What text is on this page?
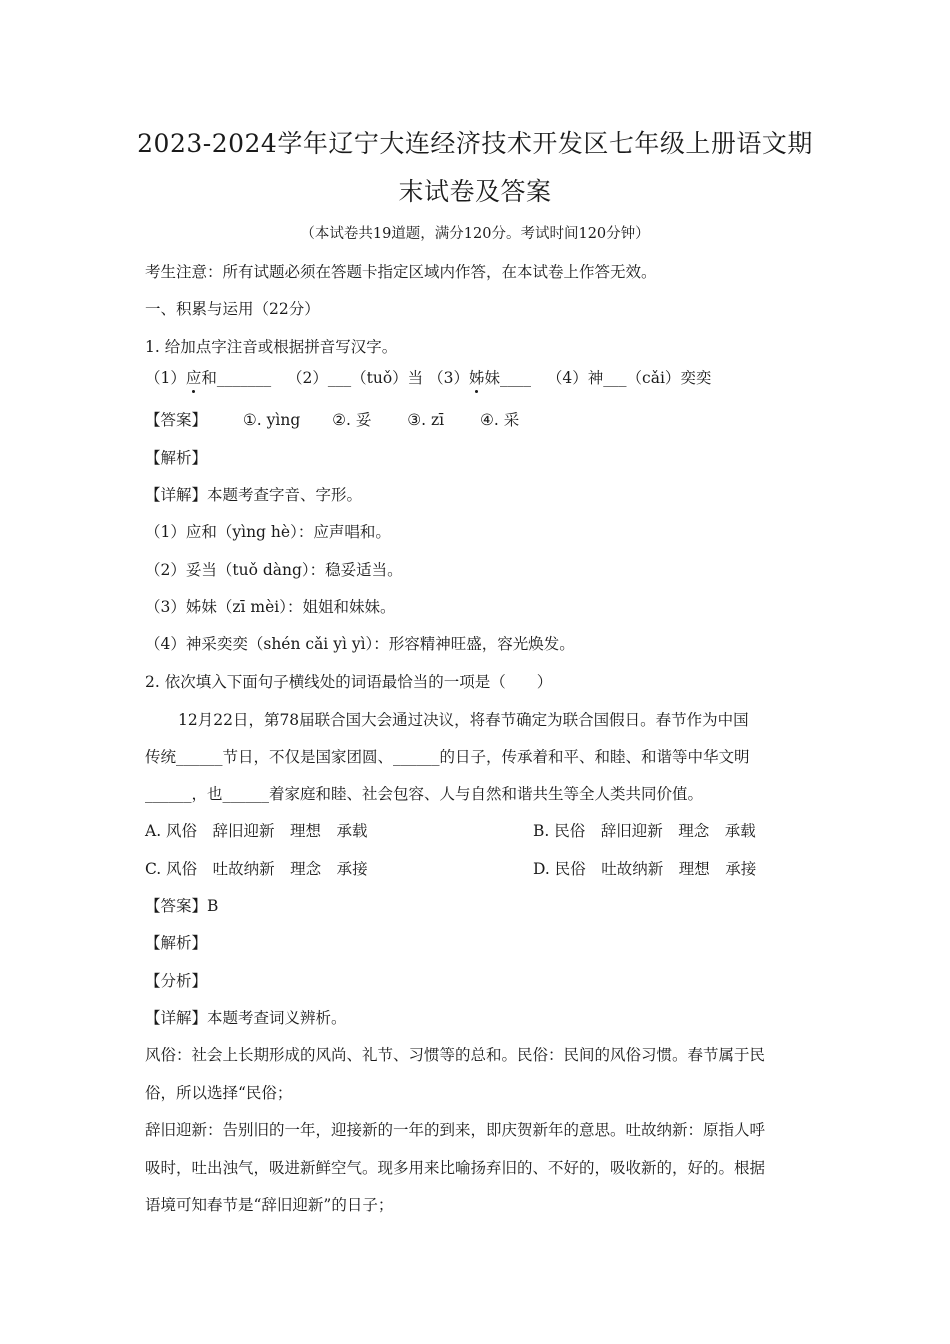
2023-2024学年辽宁大连经济技术开发区七年级上册语文期
末试卷及答案
（本试卷共19道题，满分120分。考试时间120分钟）
考生注意：所有试题必须在答题卡指定区域内作答，在本试卷上作答无效。
一、积累与运用（22分）
1. 给加点字注音或根据拼音写汉字。
（1）应和_______ （2）___（tuǒ）当 （3）姊妹____ （4）神___（cǎi）奕奕
【答案】 ①. yìng ②. 妥 ③. zī ④. 采
【解析】
【详解】本题考查字音、字形。
（1）应和（yìng hè）：应声唱和。
（2）妥当（tuǒ dàng）：稳妥适当。
（3）姊妹（zī mèi）：姐姐和妹妹。
（4）神采奕奕（shén cǎi yì yì）：形容精神旺盛，容光焕发。
2. 依次填入下面句子横线处的词语最恰当的一项是（　　）
12月22日，第78届联合国大会通过决议，将春节确定为联合国假日。春节作为中国
传统______节日，不仅是国家团圆、______的日子，传承着和平、和睦、和谐等中华文明
______，也______着家庭和睦、社会包容、人与自然和谐共生等全人类共同价值。
A. 风俗　辞旧迎新　理想　承载	B. 民俗　辞旧迎新　理念　承载
C. 风俗　吐故纳新　理念　承接	D. 民俗　吐故纳新　理想　承接
【答案】B
【解析】
【分析】
【详解】本题考查词义辨析。
风俗：社会上长期形成的风尚、礼节、习惯等的总和。民俗：民间的风俗习惯。春节属于民
俗，所以选择“民俗；
辞旧迎新：告别旧的一年，迎接新的一年的到来，即庆贺新年的意思。吐故纳新：原指人呼
吸时，吐出浊气，吸进新鲜空气。现多用来比喻扬弃旧的、不好的，吸收新的，好的。根据
语境可知春节是“辞旧迎新”的日子；
